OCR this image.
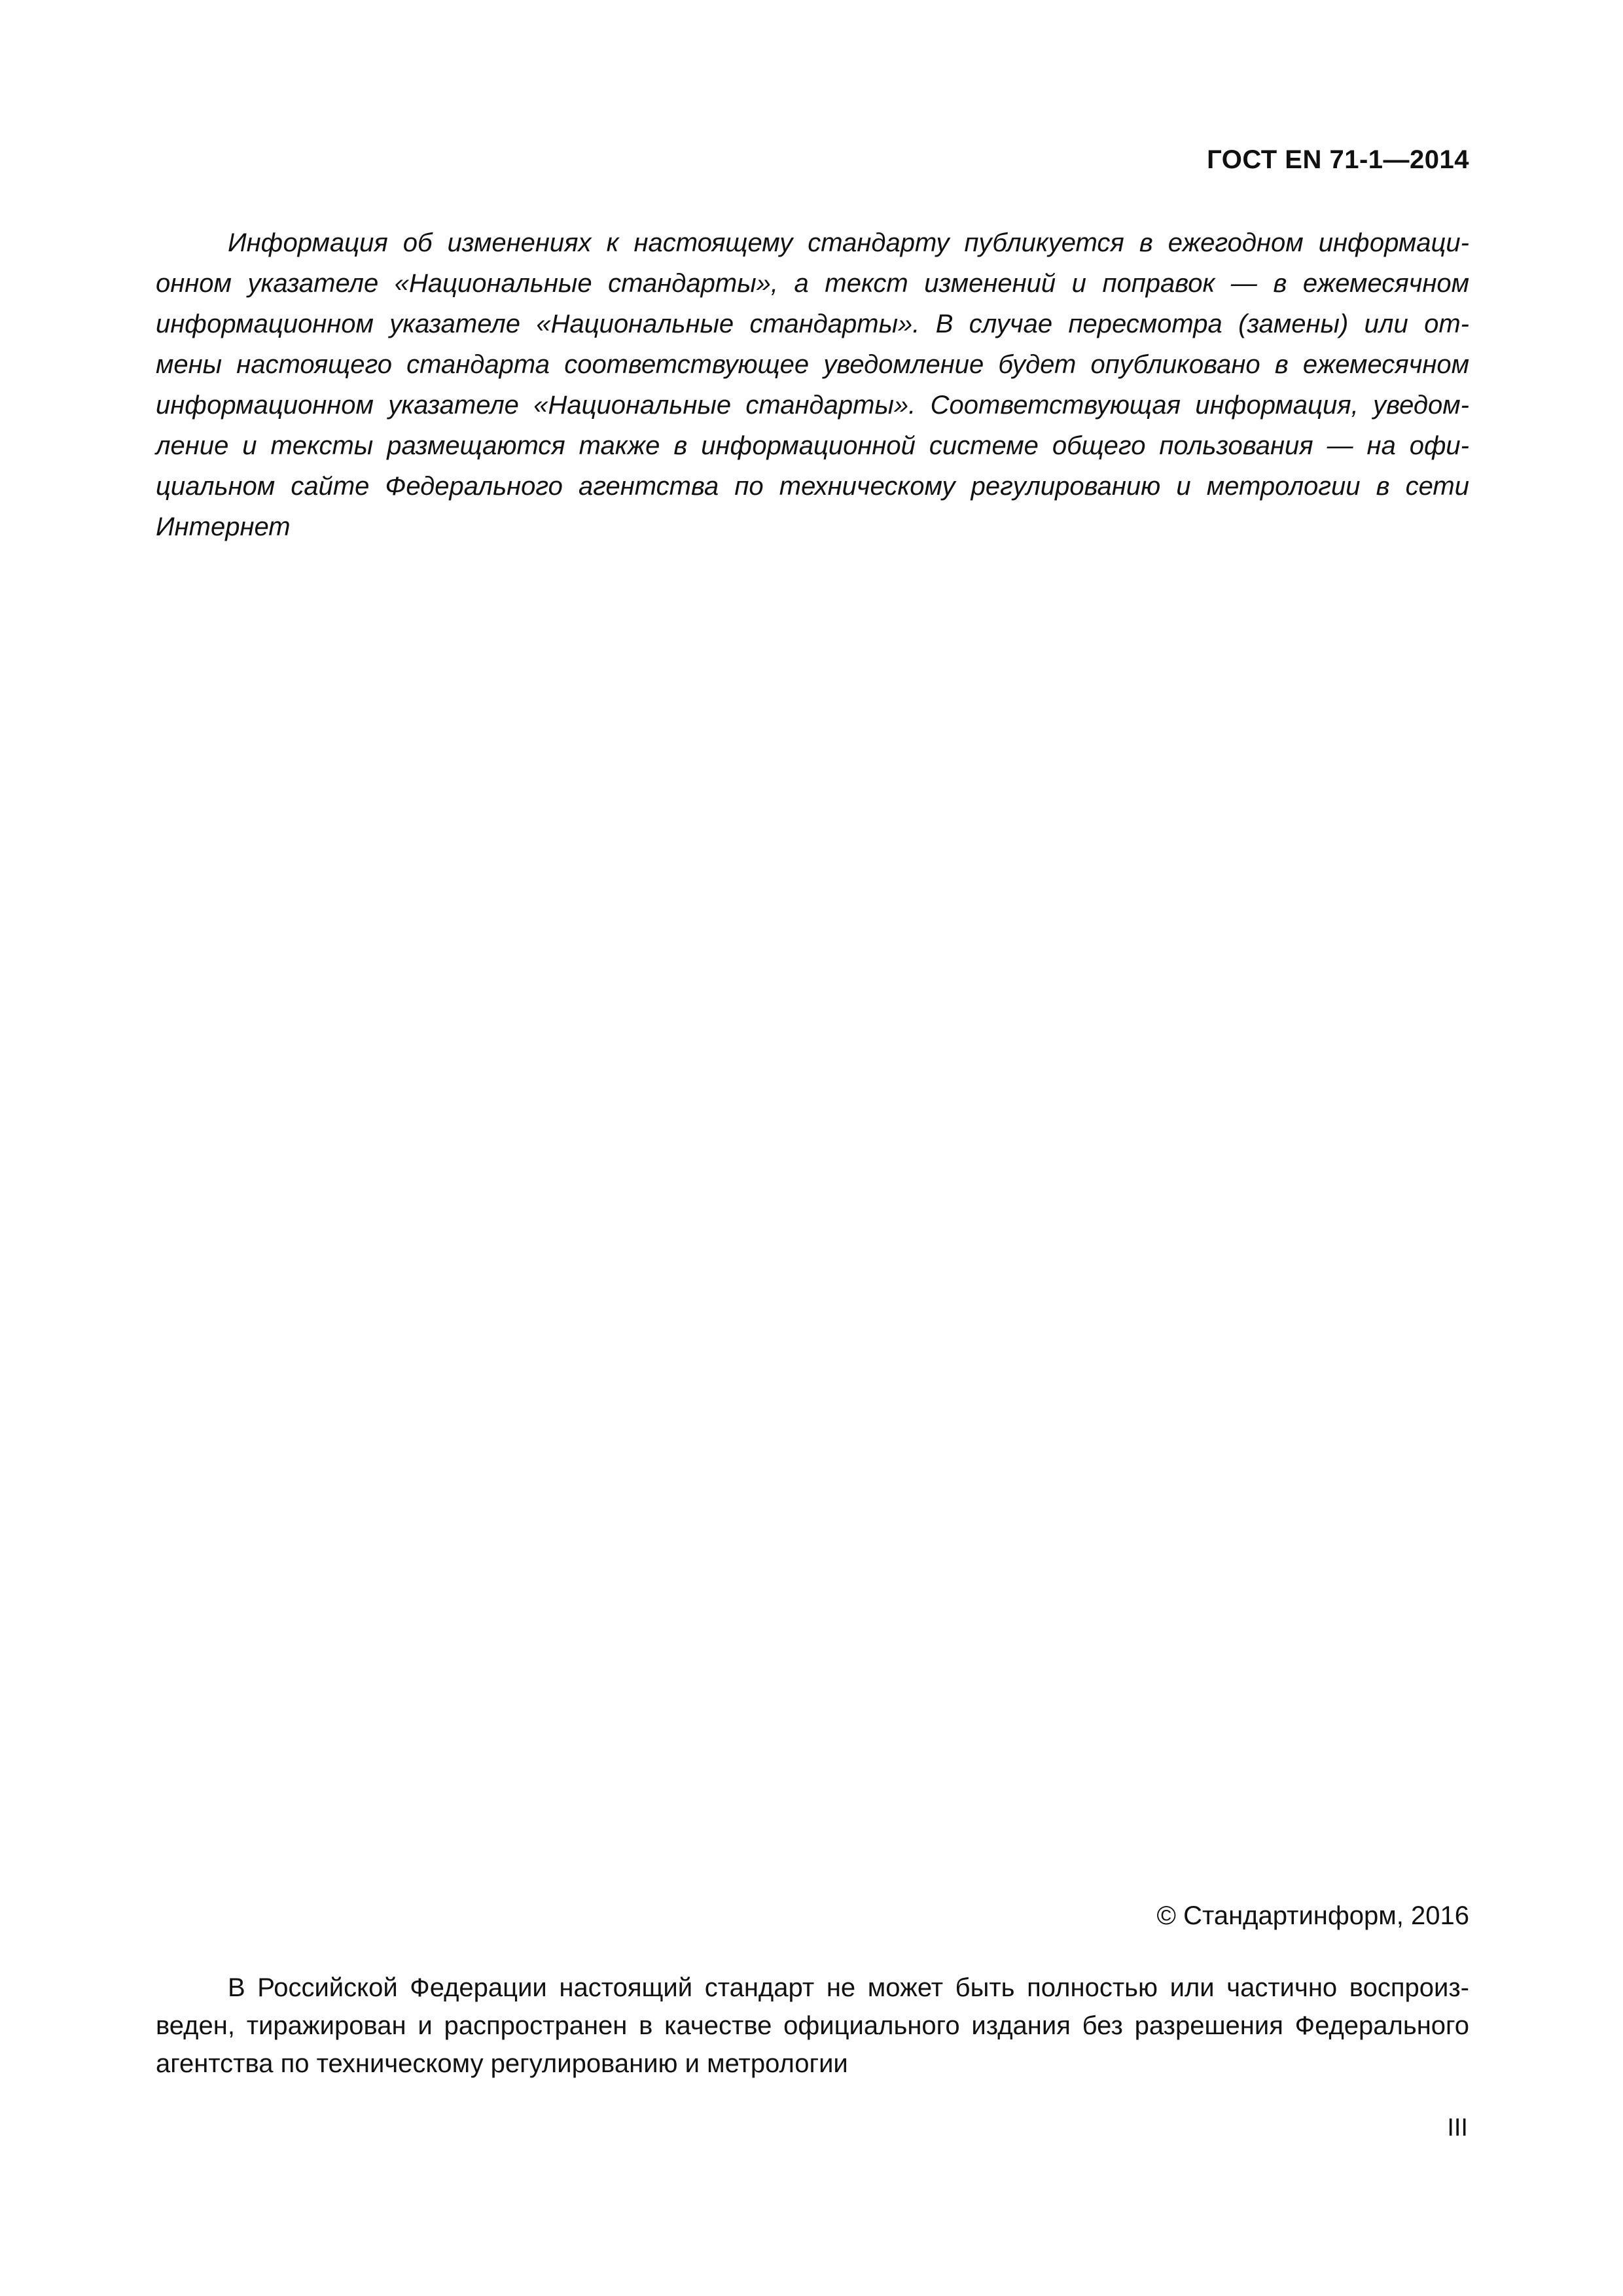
ГОСТ EN 71-1—2014
Информация об изменениях к настоящему стандарту публикуется в ежегодном информаци-
онном указателе «Национальные стандарты», а текст изменений и поправок — в ежемесячном
информационном указателе «Национальные стандарты». В случае пересмотра (замены) или от-
мены настоящего стандарта соответствующее уведомление будет опубликовано в ежемесячном
информационном указателе «Национальные стандарты». Соответствующая информация, уведом-
ление и тексты размещаются также в информационной системе общего пользования — на офи-
циальном сайте Федерального агентства по техническому регулированию и метрологии в сети
Интернет
© Стандартинформ, 2016
В Российской Федерации настоящий стандарт не может быть полностью или частично воспроиз-
веден, тиражирован и распространен в качестве официального издания без разрешения Федерального
агентства по техническому регулированию и метрологии
III
